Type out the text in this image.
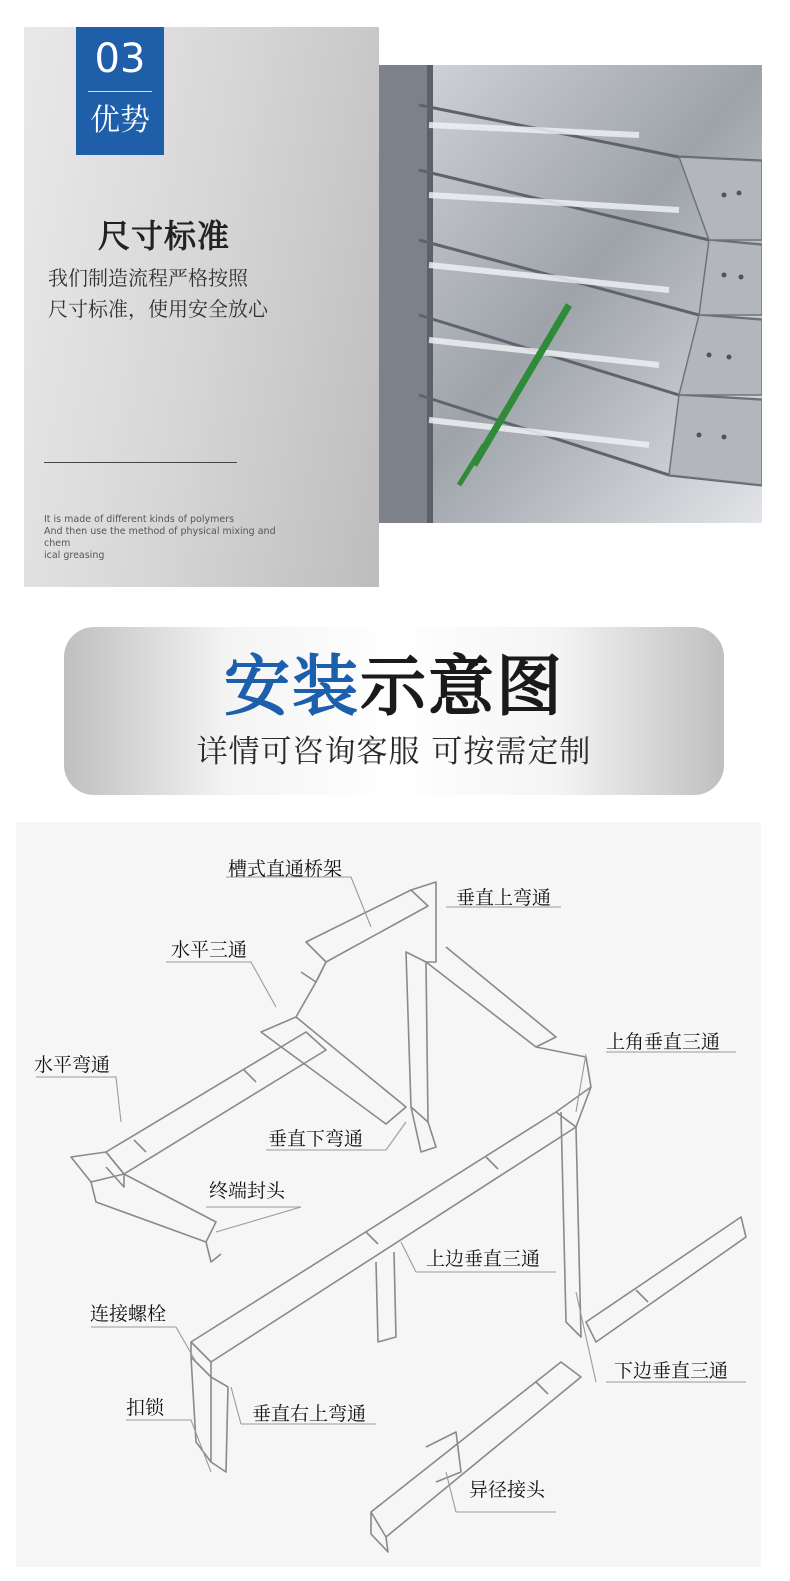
03
优势
尺寸标准
我们制造流程严格按照
尺寸标准，使用安全放心
It is made of different kinds of polymers
And then use the method of physical mixing and chem
ical greasing
安装示意图
详情可咨询客服 可按需定制
槽式直通桥架
垂直上弯通
水平三通
上角垂直三通
水平弯通
垂直下弯通
终端封头
上边垂直三通
连接螺栓
下边垂直三通
扣锁	垂直右上弯通
异径接头
